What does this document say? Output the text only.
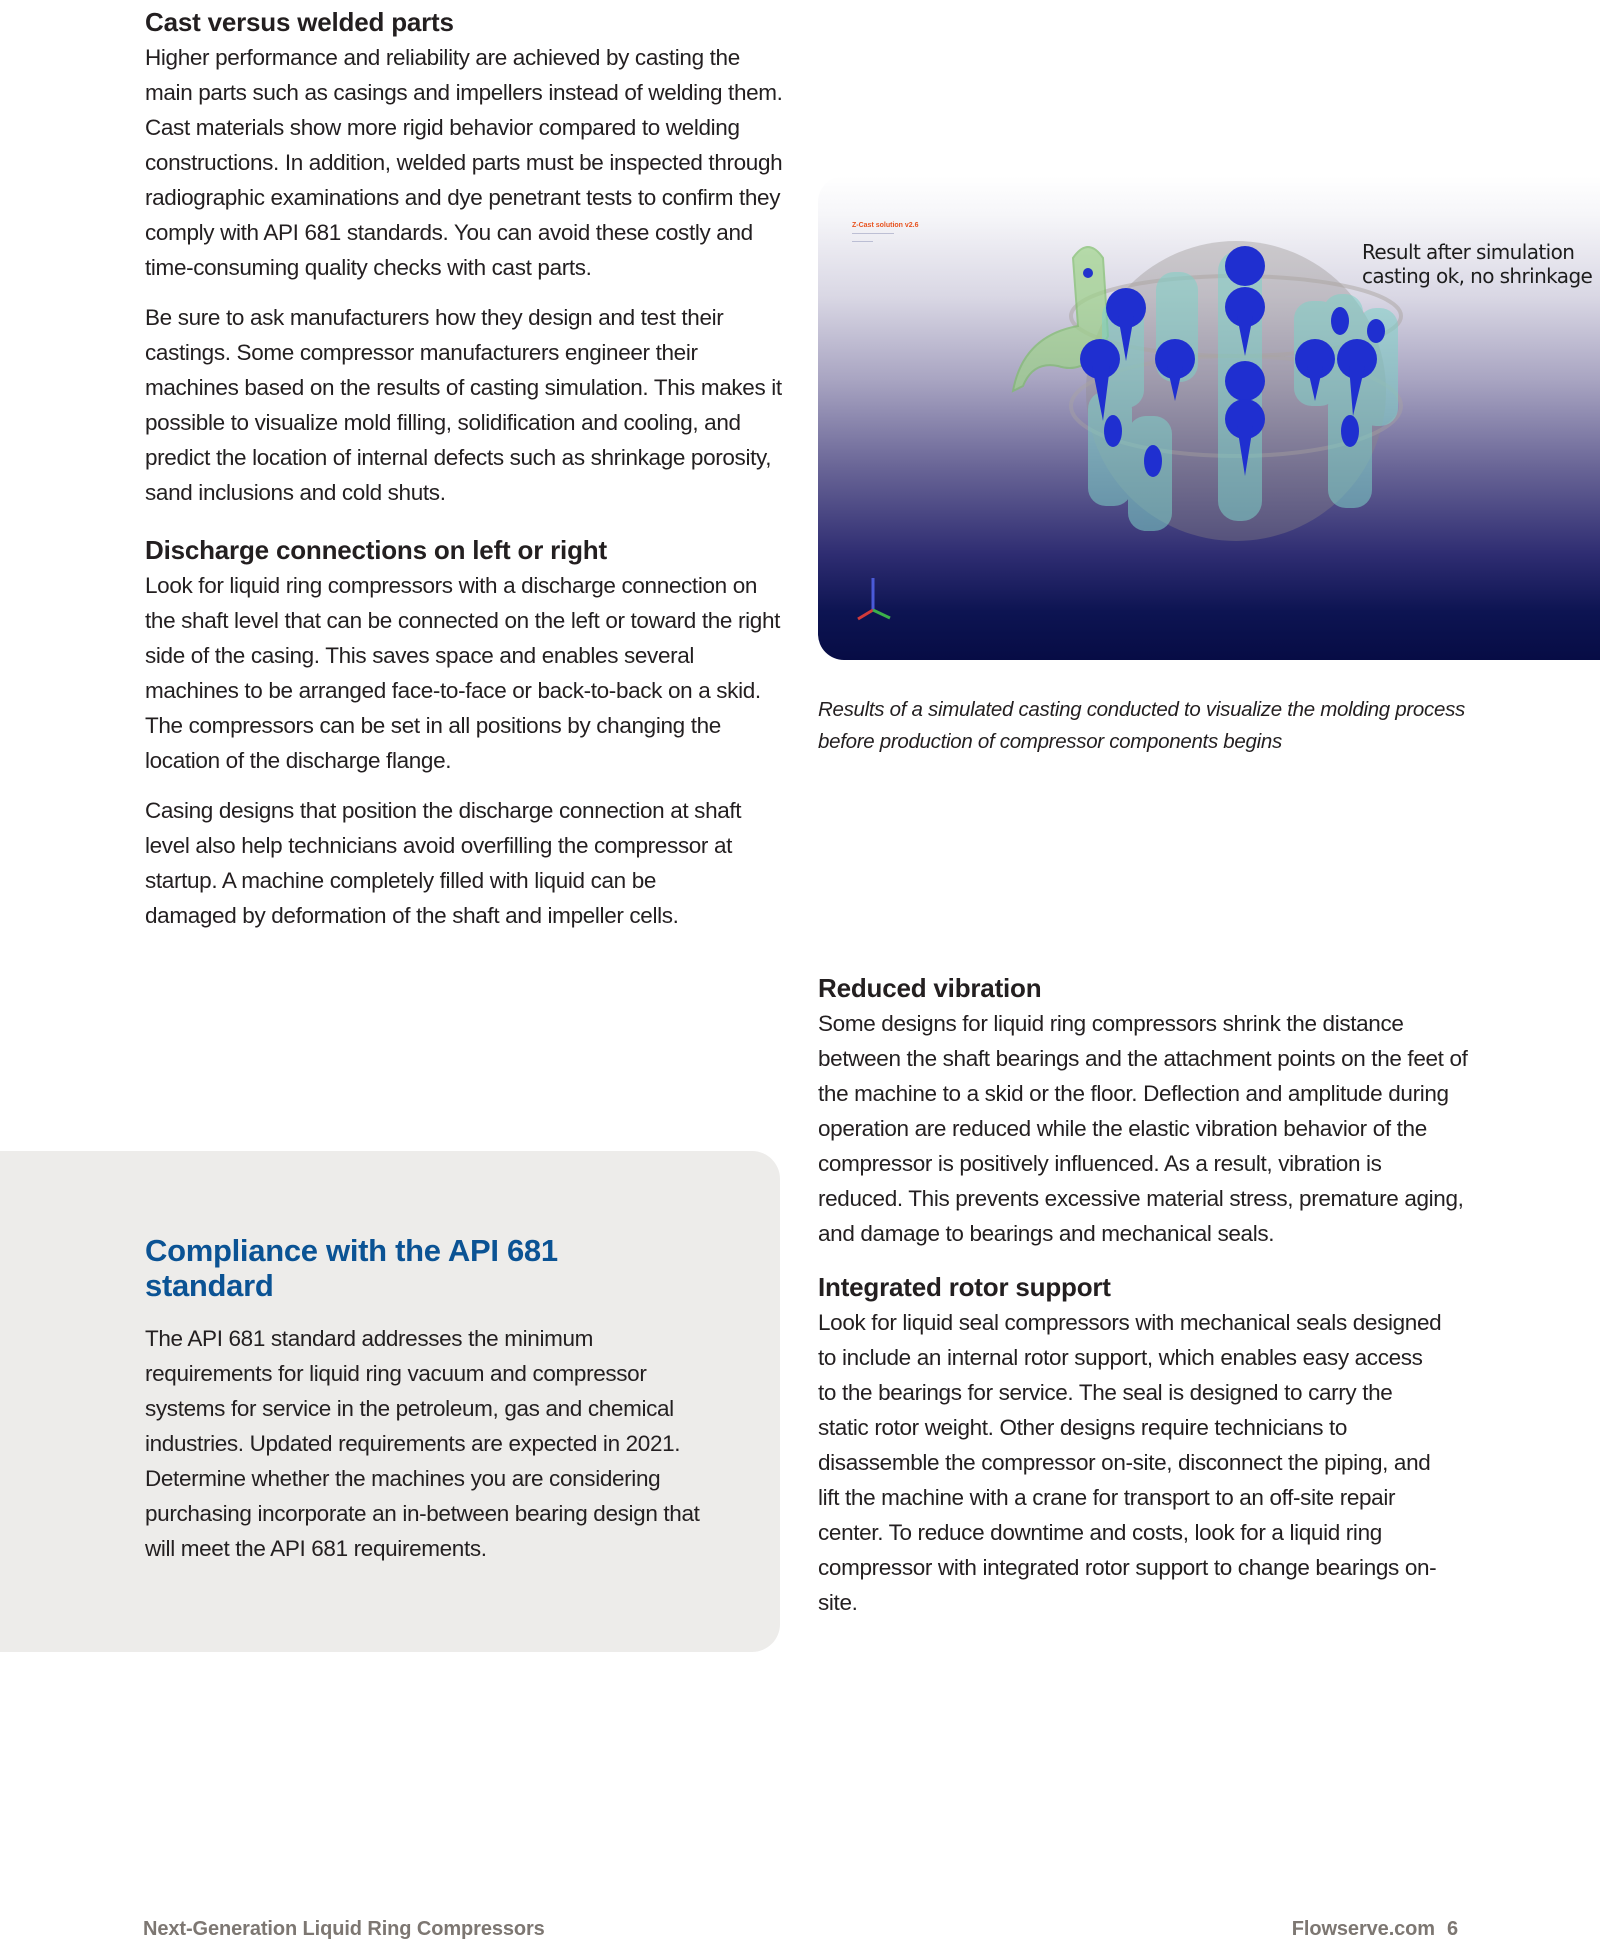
Cast versus welded parts

Higher performance and reliability are achieved by casting the main parts such as casings and impellers instead of welding them. Cast materials show more rigid behavior compared to welding constructions. In addition, welded parts must be inspected through radiographic examinations and dye penetrant tests to confirm they comply with API 681 standards. You can avoid these costly and time-consuming quality checks with cast parts.

Be sure to ask manufacturers how they design and test their castings. Some compressor manufacturers engineer their machines based on the results of casting simulation. This makes it possible to visualize mold filling, solidification and cooling, and predict the location of internal defects such as shrinkage porosity, sand inclusions and cold shuts.

Discharge connections on left or right

Look for liquid ring compressors with a discharge connection on the shaft level that can be connected on the left or toward the right side of the casing. This saves space and enables several machines to be arranged face-to-face or back-to-back on a skid. The compressors can be set in all positions by changing the location of the discharge flange.

Casing designs that position the discharge connection at shaft level also help technicians avoid overfilling the compressor at startup. A machine completely filled with liquid can be damaged by deformation of the shaft and impeller cells.

Compliance with the API 681 standard

The API 681 standard addresses the minimum requirements for liquid ring vacuum and compressor systems for service in the petroleum, gas and chemical industries. Updated requirements are expected in 2021. Determine whether the machines you are considering purchasing incorporate an in-between bearing design that will meet the API 681 requirements.

Z-Cast solution v2.6
——————
———	Result after simulation
casting ok, no shrinkage
Results of a simulated casting conducted to visualize the molding process before production of compressor components begins
Reduced vibration

Some designs for liquid ring compressors shrink the distance between the shaft bearings and the attachment points on the feet of the machine to a skid or the floor. Deflection and amplitude during operation are reduced while the elastic vibration behavior of the compressor is positively influenced. As a result, vibration is reduced. This prevents excessive material stress, premature aging, and damage to bearings and mechanical seals.

Integrated rotor support

Look for liquid seal compressors with mechanical seals designed to include an internal rotor support, which enables easy access to the bearings for service. The seal is designed to carry the static rotor weight. Other designs require technicians to disassemble the compressor on-site, disconnect the piping, and lift the machine with a crane for transport to an off-site repair center. To reduce downtime and costs, look for a liquid ring compressor with integrated rotor support to change bearings on-site.

Next-Generation Liquid Ring Compressors	Flowserve.com 6
